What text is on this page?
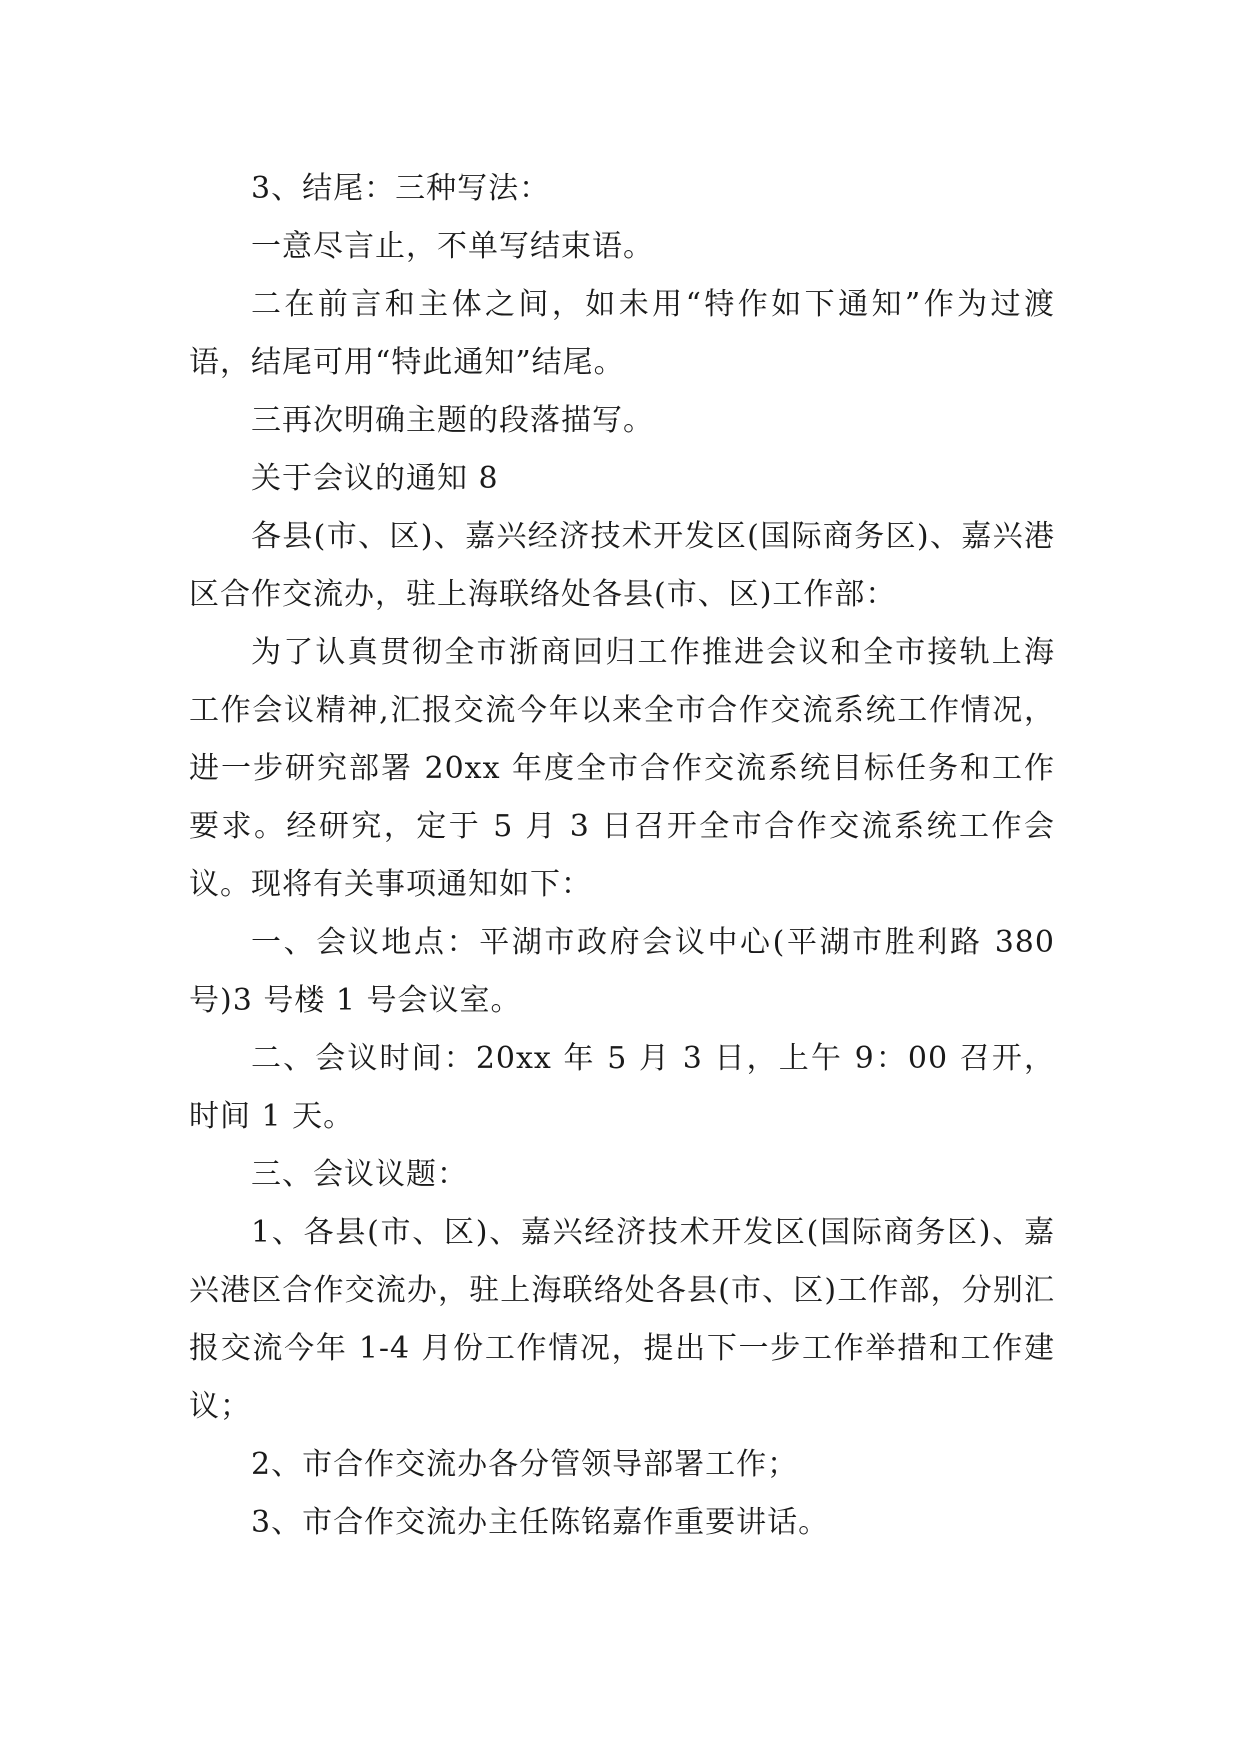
3、结尾：三种写法：

一意尽言止，不单写结束语。

二在前言和主体之间，如未用“特作如下通知”作为过渡语，结尾可用“特此通知”结尾。

三再次明确主题的段落描写。

关于会议的通知 8

各县(市、区)、嘉兴经济技术开发区(国际商务区)、嘉兴港区合作交流办，驻上海联络处各县(市、区)工作部：

为了认真贯彻全市浙商回归工作推进会议和全市接轨上海工作会议精神,汇报交流今年以来全市合作交流系统工作情况，进一步研究部署 20xx 年度全市合作交流系统目标任务和工作要求。经研究，定于 5 月 3 日召开全市合作交流系统工作会议。现将有关事项通知如下：

一、会议地点：平湖市政府会议中心(平湖市胜利路 380 号)3 号楼 1 号会议室。

二、会议时间：20xx 年 5 月 3 日，上午 9：00 召开，时间 1 天。

三、会议议题：

1、各县(市、区)、嘉兴经济技术开发区(国际商务区)、嘉兴港区合作交流办，驻上海联络处各县(市、区)工作部，分别汇报交流今年 1-4 月份工作情况，提出下一步工作举措和工作建议；

2、市合作交流办各分管领导部署工作；

3、市合作交流办主任陈铭嘉作重要讲话。
